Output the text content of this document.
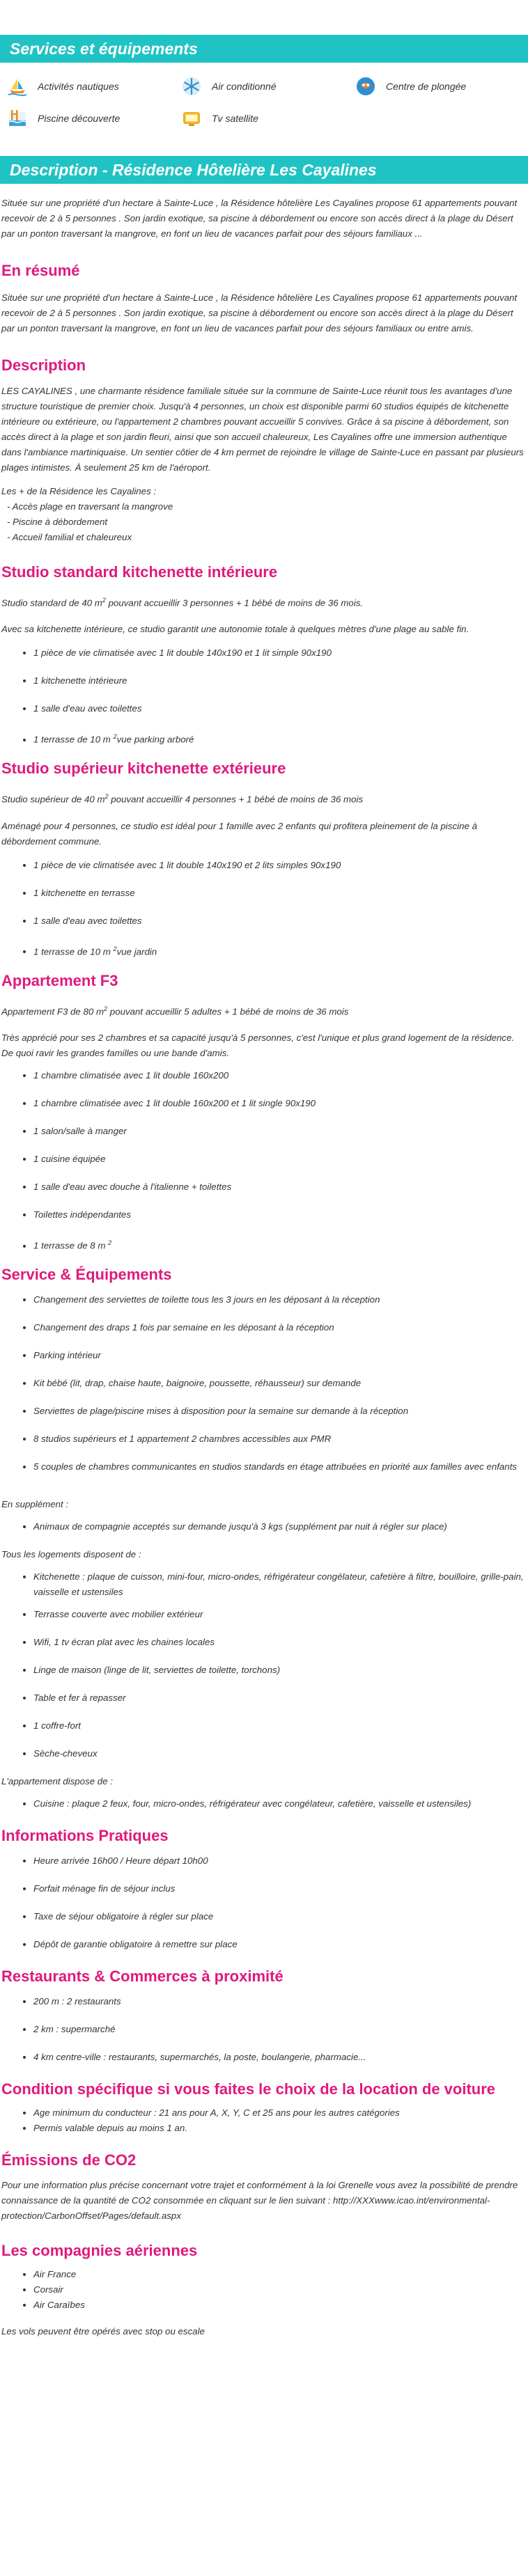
Services et équipements
Activités nautiques	Air conditionné	Centre de plongée
Piscine découverte	Tv satellite
Description - Résidence Hôtelière Les Cayalines

Située sur une propriété d'un hectare à Sainte-Luce , la Résidence hôtelière Les Cayalines propose 61 appartements pouvant recevoir de 2 à 5 personnes . Son jardin exotique, sa piscine à débordement ou encore son accès direct à la plage du Désert par un ponton traversant la mangrove, en font un lieu de vacances parfait pour des séjours familiaux ...

En résumé

Située sur une propriété d'un hectare à Sainte-Luce , la Résidence hôtelière Les Cayalines propose 61 appartements pouvant recevoir de 2 à 5 personnes . Son jardin exotique, sa piscine à débordement ou encore son accès direct à la plage du Désert par un ponton traversant la mangrove, en font un lieu de vacances parfait pour des séjours familiaux ou entre amis.

Description

LES CAYALINES , une charmante résidence familiale située sur la commune de Sainte-Luce réunit tous les avantages d'une structure touristique de premier choix. Jusqu'à 4 personnes, un choix est disponible parmi 60 studios équipés de kitchenette intérieure ou extérieure, ou l'appartement 2 chambres pouvant accueillir 5 convives. Grâce à sa piscine à débordement, son accès direct à la plage et son jardin fleuri, ainsi que son accueil chaleureux, Les Cayalines offre une immersion authentique dans l'ambiance martiniquaise. Un sentier côtier de 4 km permet de rejoindre le village de Sainte-Luce en passant par plusieurs plages intimistes. À seulement 25 km de l'aéroport.

Les + de la Résidence les Cayalines :

- Accès plage en traversant la mangrove

- Piscine à débordement

- Accueil familial et chaleureux

Studio standard kitchenette intérieure

Studio standard de 40 $m^2$ pouvant accueillir 3 personnes + 1 bébé de moins de 36 mois.

Avec sa kitchenette intérieure, ce studio garantit une autonomie totale à quelques mètres d'une plage au sable fin.

• 1 pièce de vie climatisée avec 1 lit double 140x190 et 1 lit simple 90x190
• 1 kitchenette intérieure
• 1 salle d'eau avec toilettes
• 1 terrasse de 10 m $^2$vue parking arboré
Studio supérieur kitchenette extérieure

Studio supérieur de 40 $m^2$ pouvant accueillir 4 personnes + 1 bébé de moins de 36 mois

Aménagé pour 4 personnes, ce studio est idéal pour 1 famille avec 2 enfants qui profitera pleinement de la piscine à débordement commune.

• 1 pièce de vie climatisée avec 1 lit double 140x190 et 2 lits simples 90x190
• 1 kitchenette en terrasse
• 1 salle d'eau avec toilettes
• 1 terrasse de 10 m $^2$vue jardin
Appartement F3

Appartement F3 de 80 $m^2$ pouvant accueillir 5 adultes + 1 bébé de moins de 36 mois

Très apprécié pour ses 2 chambres et sa capacité jusqu'à 5 personnes, c'est l'unique et plus grand logement de la résidence. De quoi ravir les grandes familles ou une bande d'amis.

• 1 chambre climatisée avec 1 lit double 160x200
• 1 chambre climatisée avec 1 lit double 160x200 et 1 lit single 90x190
• 1 salon/salle à manger
• 1 cuisine équipée
• 1 salle d'eau avec douche à l'italienne + toilettes
• Toilettes indépendantes
• 1 terrasse de 8 m $^2$
Service & Équipements
• Changement des serviettes de toilette tous les 3 jours en les déposant à la réception
• Changement des draps 1 fois par semaine en les déposant à la réception
• Parking intérieur
• Kit bébé (lit, drap, chaise haute, baignoire, poussette, réhausseur) sur demande
• Serviettes de plage/piscine mises à disposition pour la semaine sur demande à la réception
• 8 studios supérieurs et 1 appartement 2 chambres accessibles aux PMR
• 5 couples de chambres communicantes en studios standards en étage attribuées en priorité aux familles avec enfants

En supplément :

• Animaux de compagnie acceptés sur demande jusqu'à 3 kgs (supplément par nuit à régler sur place)

Tous les logements disposent de :

• Kitchenette : plaque de cuisson, mini-four, micro-ondes, réfrigérateur congélateur, cafetière à filtre, bouilloire, grille-pain, vaisselle et ustensiles
• Terrasse couverte avec mobilier extérieur
• Wifi, 1 tv écran plat avec les chaines locales
• Linge de maison (linge de lit, serviettes de toilette, torchons)
• Table et fer à repasser
• 1 coffre-fort
• Sèche-cheveux

L'appartement dispose de :

• Cuisine : plaque 2 feux, four, micro-ondes, réfrigérateur avec congélateur, cafetière, vaisselle et ustensiles)
Informations Pratiques
• Heure arrivée 16h00 / Heure départ 10h00
• Forfait ménage fin de séjour inclus
• Taxe de séjour obligatoire à régler sur place
• Dépôt de garantie obligatoire à remettre sur place
Restaurants & Commerces à proximité
• 200 m : 2 restaurants
• 2 km : supermarché
• 4 km centre-ville : restaurants, supermarchés, la poste, boulangerie, pharmacie...
Condition spécifique si vous faites le choix de la location de voiture
• Age minimum du conducteur : 21 ans pour A, X, Y, C et 25 ans pour les autres catégories
• Permis valable depuis au moins 1 an.
Émissions de CO2

Pour une information plus précise concernant votre trajet et conformément à la loi Grenelle vous avez la possibilité de prendre connaissance de la quantité de CO2 consommée en cliquant sur le lien suivant : http://XXXwww.icao.int/environmental-protection/CarbonOffset/Pages/default.aspx

Les compagnies aériennes
• Air France
• Corsair
• Air Caraïbes

Les vols peuvent être opérés avec stop ou escale
